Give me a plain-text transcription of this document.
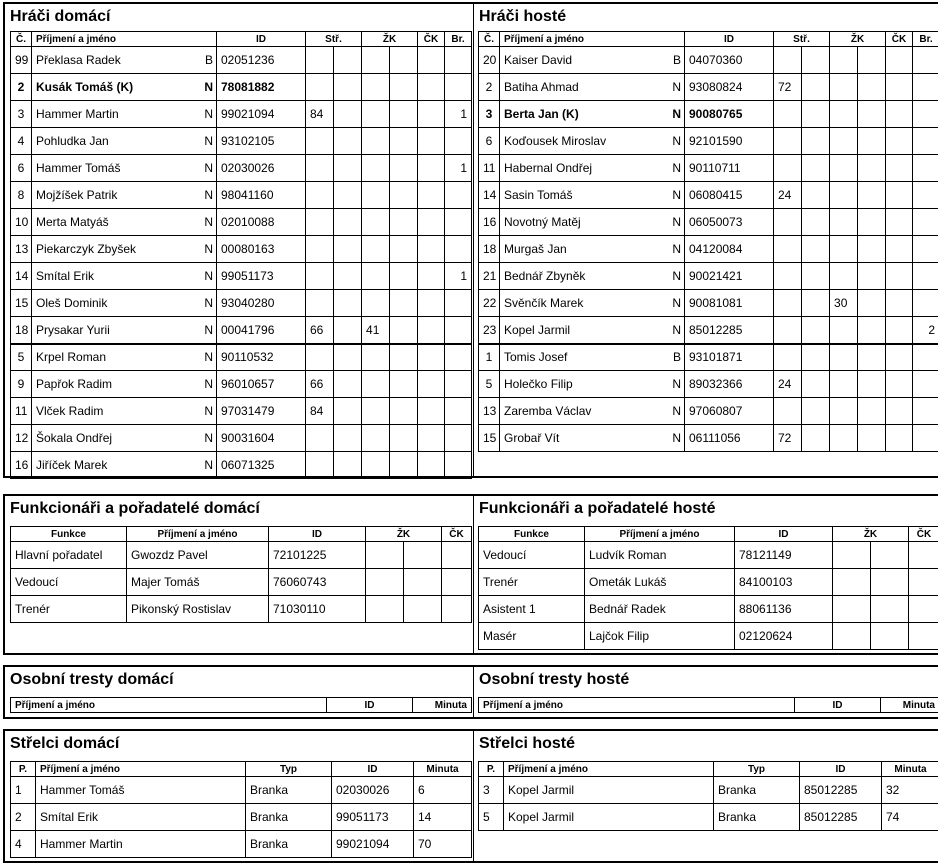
Hráči domácí
Č.	Příjmení a jméno		ID	Stř.		ŽK		ČK	Br.
99	Překlasa Radek	B	02051236						
2	Kusák Tomáš (K)	N	78081882						
3	Hammer Martin	N	99021094	84					1
4	Pohludka Jan	N	93102105						
6	Hammer Tomáš	N	02030026						1
8	Mojžíšek Patrik	N	98041160						
10	Merta Matyáš	N	02010088						
13	Piekarczyk Zbyšek	N	00080163						
14	Smítal Erik	N	99051173						1
15	Oleš Dominik	N	93040280						
18	Prysakar Yurii	N	00041796	66		41			
5	Krpel Roman	N	90110532						
9	Papřok Radim	N	96010657	66					
11	Vlček Radim	N	97031479	84					
12	Šokala Ondřej	N	90031604						
16	Jiříček Marek	N	06071325						
Hráči hosté
Č.	Příjmení a jméno		ID	Stř.		ŽK		ČK	Br.
20	Kaiser David	B	04070360						
2	Batiha Ahmad	N	93080824	72					
3	Berta Jan (K)	N	90080765						
6	Koďousek Miroslav	N	92101590						
11	Habernal Ondřej	N	90110711						
14	Sasin Tomáš	N	06080415	24					
16	Novotný Matěj	N	06050073						
18	Murgaš Jan	N	04120084						
21	Bednář Zbyněk	N	90021421						
22	Svěnčík Marek	N	90081081			30			
23	Kopel Jarmil	N	85012285						2
1	Tomis Josef	B	93101871						
5	Holečko Filip	N	89032366	24					
13	Zaremba Václav	N	97060807						
15	Grobař Vít	N	06111056	72					
Funkcionáři a pořadatelé domácí
Funkce	Příjmení a jméno	ID	ŽK		ČK
Hlavní pořadatel	Gwozdz Pavel	72101225			
Vedoucí	Majer Tomáš	76060743			
Trenér	Pikonský Rostislav	71030110			
Funkcionáři a pořadatelé hosté
Funkce	Příjmení a jméno	ID	ŽK		ČK
Vedoucí	Ludvík Roman	78121149			
Trenér	Ometák Lukáš	84100103			
Asistent 1	Bednář Radek	88061136			
Masér	Lajčok Filip	02120624			
Osobní tresty domácí
Příjmení a jméno	ID	Minuta
Osobní tresty hosté
Příjmení a jméno	ID	Minuta
Střelci domácí
P.	Příjmení a jméno	Typ	ID	Minuta
1	Hammer Tomáš	Branka	02030026	6
2	Smítal Erik	Branka	99051173	14
4	Hammer Martin	Branka	99021094	70
Střelci hosté
P.	Příjmení a jméno	Typ	ID	Minuta
3	Kopel Jarmil	Branka	85012285	32
5	Kopel Jarmil	Branka	85012285	74
